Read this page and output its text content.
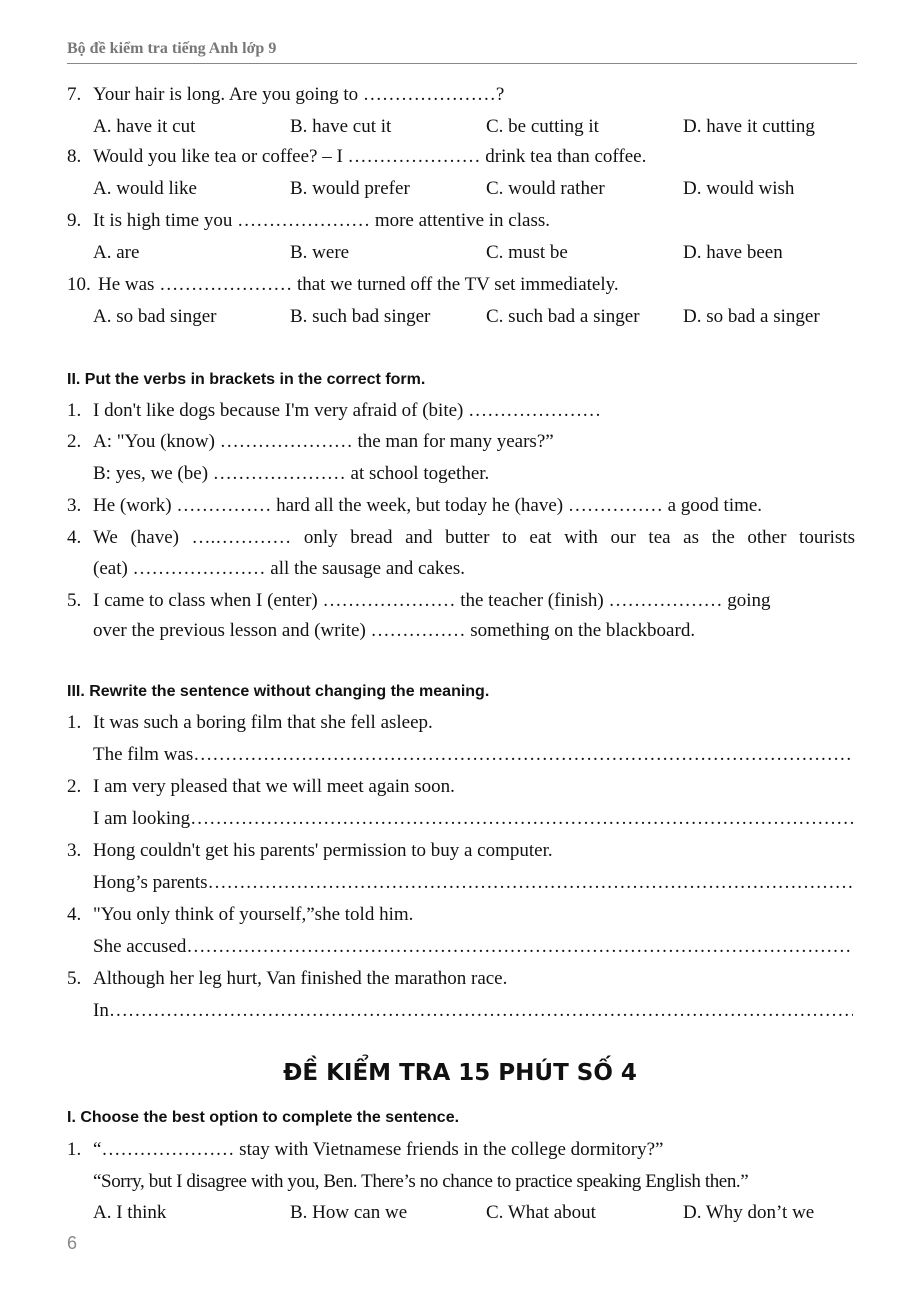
Bộ đề kiểm tra tiếng Anh lớp 9
7. Your hair is long. Are you going to …………………?
A. have it cut	B. have cut it	C. be cutting it	D. have it cutting
8. Would you like tea or coffee? – I ………………… drink tea than coffee.
A. would like	B. would prefer	C. would rather	D. would wish
9. It is high time you ………………… more attentive in class.
A. are	B. were	C. must be	D. have been
10. He was ………………… that we turned off the TV set immediately.
A. so bad singer	B. such bad singer	C. such bad a singer D. so bad a singer
II. Put the verbs in brackets in the correct form.
1. I don't like dogs because I'm very afraid of (bite) …………………
2. A: "You (know) ………………… the man for many years?”
B: yes, we (be) ………………… at school together.
3. He (work) …………… hard all the week, but today he (have) …………… a good time.
4. We (have) ….………… only bread and butter to eat with our tea as the other tourists
(eat) ………………… all the sausage and cakes.
5. I came to class when I (enter) ………………… the teacher (finish) ……………… going
over the previous lesson and (write) …………… something on the blackboard.
III. Rewrite the sentence without changing the meaning.
1. It was such a boring film that she fell asleep.
The film was
……………………………………………………………………………………………………………………………………
2. I am very pleased that we will meet again soon.
I am looking
……………………………………………………………………………………………………………………………………
3. Hong couldn't get his parents' permission to buy a computer.
Hong’s parents
……………………………………………………………………………………………………………………………………
4. "You only think of yourself,”she told him.
She accused
……………………………………………………………………………………………………………………………………
5. Although her leg hurt, Van finished the marathon race.
In
……………………………………………………………………………………………………………………………………
I. Choose the best option to complete the sentence.
1. “………………… stay with Vietnamese friends in the college dormitory?”
“Sorry, but I disagree with you, Ben. There’s no chance to practice speaking English then.”
A. I think	B. How can we	C. What about	D. Why don’t we
ĐỀ KIỂM TRA 15 PHÚT SỐ 4
6
